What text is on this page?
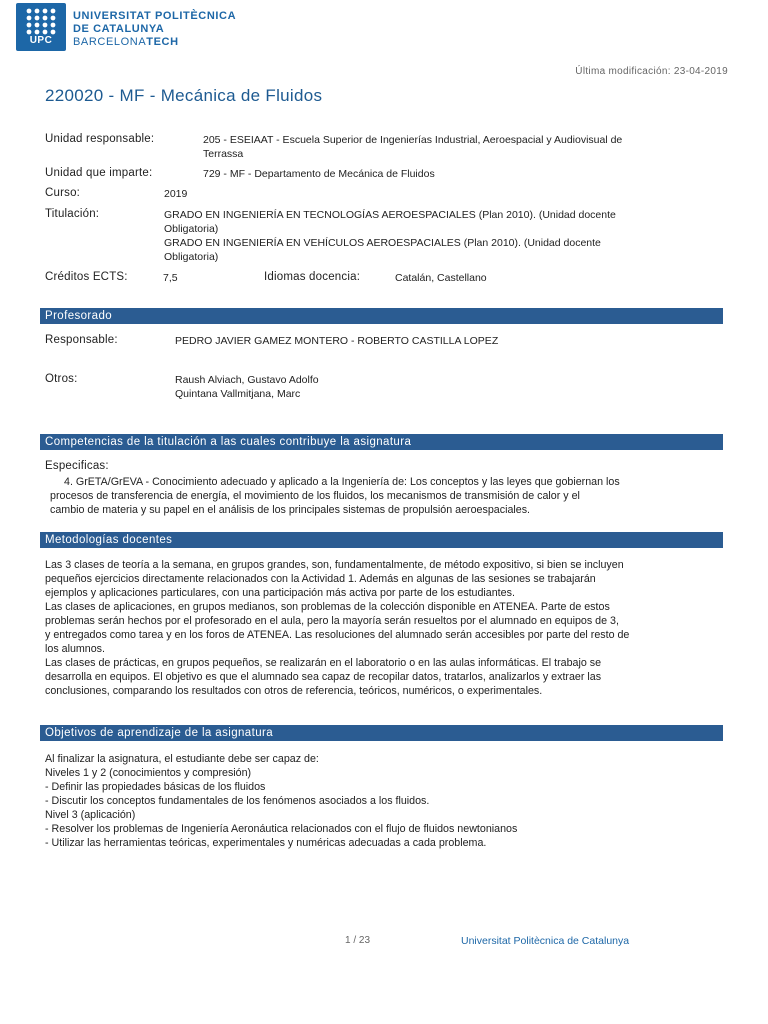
UPC
UNIVERSITAT POLITÈCNICA
DE CATALUNYA
BARCELONATECH
Última modificación: 23-04-2019
220020 - MF - Mecánica de Fluidos
Unidad responsable:	205 - ESEIAAT - Escuela Superior de Ingenierías Industrial, Aeroespacial y Audiovisual de
Terrassa
Unidad que imparte:	729 - MF - Departamento de Mecánica de Fluidos
Curso:	2019
Titulación:	GRADO EN INGENIERÍA EN TECNOLOGÍAS AEROESPACIALES (Plan 2010). (Unidad docente
Obligatoria)
GRADO EN INGENIERÍA EN VEHÍCULOS AEROESPACIALES (Plan 2010). (Unidad docente
Obligatoria)
Créditos ECTS:	7,5	Idiomas docencia:	Catalán, Castellano
Profesorado
Responsable:	PEDRO JAVIER GAMEZ MONTERO - ROBERTO CASTILLA LOPEZ
Otros:	Raush Alviach, Gustavo Adolfo
Quintana Vallmitjana, Marc
Competencias de la titulación a las cuales contribuye la asignatura
Especificas:
4. GrETA/GrEVA - Conocimiento adecuado y aplicado a la Ingeniería de: Los conceptos y las leyes que gobiernan los
procesos de transferencia de energía, el movimiento de los fluidos, los mecanismos de transmisión de calor y el
cambio de materia y su papel en el análisis de los principales sistemas de propulsión aeroespaciales.
Metodologías docentes
Las 3 clases de teoría a la semana, en grupos grandes, son, fundamentalmente, de método expositivo, si bien se incluyen
pequeños ejercicios directamente relacionados con la Actividad 1. Además en algunas de las sesiones se trabajarán
ejemplos y aplicaciones particulares, con una participación más activa por parte de los estudiantes.
Las clases de aplicaciones, en grupos medianos, son problemas de la colección disponible en ATENEA. Parte de estos
problemas serán hechos por el profesorado en el aula, pero la mayoría serán resueltos por el alumnado en equipos de 3,
y entregados como tarea y en los foros de ATENEA. Las resoluciones del alumnado serán accesibles por parte del resto de
los alumnos.
Las clases de prácticas, en grupos pequeños, se realizarán en el laboratorio o en las aulas informáticas. El trabajo se
desarrolla en equipos. El objetivo es que el alumnado sea capaz de recopilar datos, tratarlos, analizarlos y extraer las
conclusiones, comparando los resultados con otros de referencia, teóricos, numéricos, o experimentales.
Objetivos de aprendizaje de la asignatura
Al finalizar la asignatura, el estudiante debe ser capaz de:
Niveles 1 y 2 (conocimientos y compresión)
- Definir las propiedades básicas de los fluidos
- Discutir los conceptos fundamentales de los fenómenos asociados a los fluidos.
Nivel 3 (aplicación)
- Resolver los problemas de Ingeniería Aeronáutica relacionados con el flujo de fluidos newtonianos
- Utilizar las herramientas teóricas, experimentales y numéricas adecuadas a cada problema.
1 / 23	Universitat Politècnica de Catalunya
